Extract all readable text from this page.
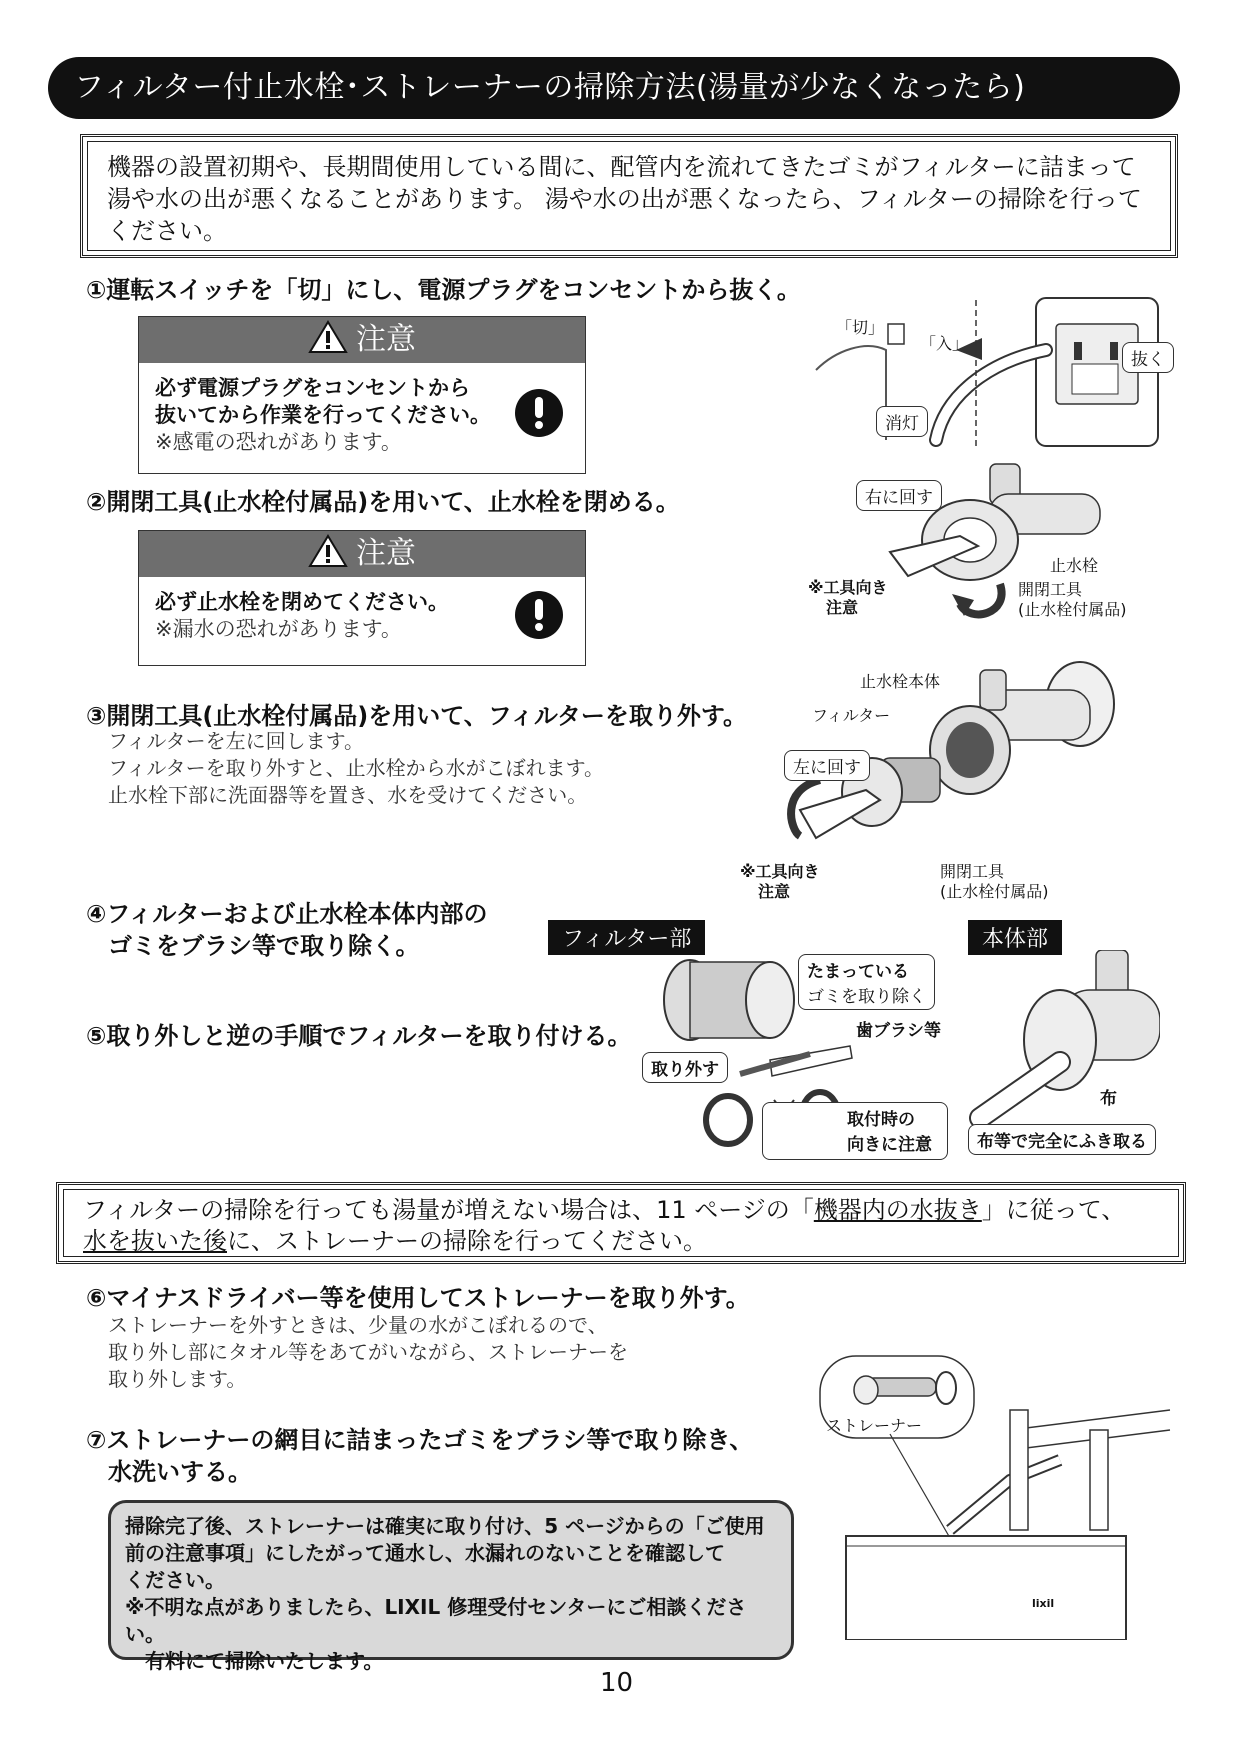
フィルター付止水栓･ストレーナーの掃除方法(湯量が少なくなったら)
機器の設置初期や、長期間使用している間に、配管内を流れてきたゴミがフィルターに詰まって湯や水の出が悪くなることがあります。 湯や水の出が悪くなったら、フィルターの掃除を行ってください。
①運転スイッチを「切」にし、電源プラグをコンセントから抜く。
注意
必ず電源プラグをコンセントから
抜いてから作業を行ってください。
※感電の恐れがあります。
②開閉工具(止水栓付属品)を用いて、止水栓を閉める。
注意
必ず止水栓を閉めてください。
※漏水の恐れがあります。
「切」
「入」
抜く
消灯
右に回す
止水栓
開閉工具
(止水栓付属品)
※工具向き
注意
③開閉工具(止水栓付属品)を用いて、フィルターを取り外す。
フィルターを左に回します。
フィルターを取り外すと、止水栓から水がこぼれます。
止水栓下部に洗面器等を置き、水を受けてください。
止水栓本体
フィルター
左に回す
※工具向き
注意
開閉工具
(止水栓付属品)
④フィルターおよび止水栓本体内部の
ゴミをブラシ等で取り除く。
⑤取り外しと逆の手順でフィルターを取り付ける。
フィルター部	本体部
たまっている
ゴミを取り除く
歯ブラシ等
取り外す
取付時の
向きに注意
布
布等で完全にふき取る
フィルターの掃除を行っても湯量が増えない場合は、11 ページの「機器内の水抜き」に従って、
水を抜いた後に、ストレーナーの掃除を行ってください。
⑥マイナスドライバー等を使用してストレーナーを取り外す。
ストレーナーを外すときは、少量の水がこぼれるので、
取り外し部にタオル等をあてがいながら、ストレーナーを
取り外します。
⑦ストレーナーの網目に詰まったゴミをブラシ等で取り除き、
水洗いする。
ストレーナー
lixil
掃除完了後、ストレーナーは確実に取り付け、5 ページからの「ご使用
前の注意事項」にしたがって通水し、水漏れのないことを確認して
ください。
※不明な点がありましたら、LIXIL 修理受付センターにご相談ください。
有料にて掃除いたします。
10
